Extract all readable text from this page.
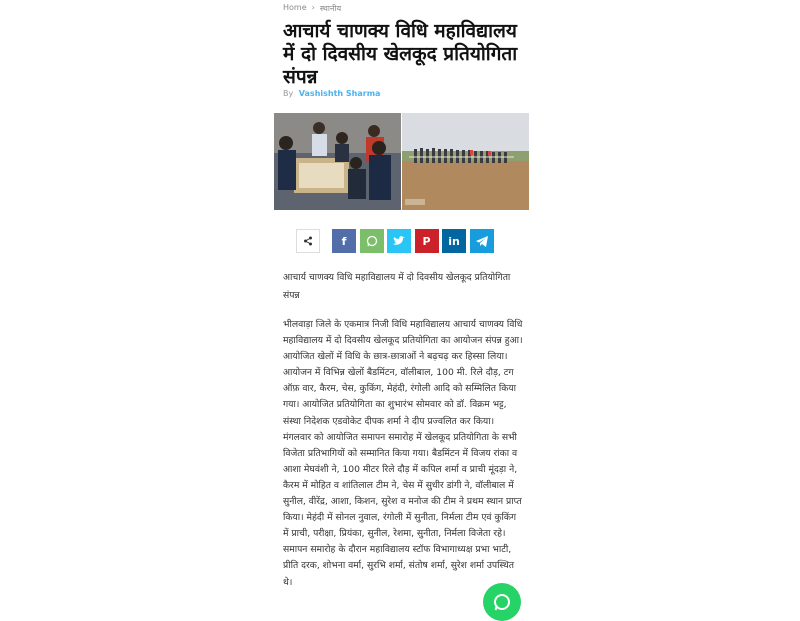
Home › स्थानीय
आचार्य चाणक्य विधि महाविद्यालय में दो दिवसीय खेलकूद प्रतियोगिता संपन्न
By Vashishth Sharma
f	P in

आचार्य चाणक्य विधि महाविद्यालय में दो दिवसीय खेलकूद प्रतियोगिता संपन्न

भीलवाड़ा जिले के एकमात्र निजी विधि महाविद्यालय आचार्य चाणक्य विधि महाविद्यालय में दो दिवसीय खेलकूद प्रतियोगिता का आयोजन संपन्न हुआ। आयोजित खेलों में विधि के छात्र-छात्राओं ने बढ़चढ़ कर हिस्सा लिया। आयोजन में विभिन्न खेलों बैडमिंटन, वॉलीबाल, 100 मी. रिले दौड़, टग ऑफ़ वार, कैरम, चेस, कुकिंग, मेहंदी, रंगोली आदि को सम्मिलित किया गया। आयोजित प्रतियोगिता का शुभारंभ सोमवार को डॉ. विक्रम भट्ट, संस्था निदेशक एडवोकेट दीपक शर्मा ने दीप प्रज्वलित कर किया। मंगलवार को आयोजित समापन समारोह में खेलकूद प्रतियोगिता के सभी विजेता प्रतिभागियों को सम्मानित किया गया। बैडमिंटन में विजय रांका व आशा मेघवंशी ने, 100 मीटर रिले दौड़ में कपिल शर्मा व प्राची मूंदड़ा ने, कैरम में मोहित व शांतिलाल टीम ने, चेस में सुधीर डांगी ने, वॉलीबाल में सुनील, वीरेंद्र, आशा, किशन, सुरेश व मनोज की टीम ने प्रथम स्थान प्राप्त किया। मेहंदी में सोनल नुवाल, रंगोली में सुनीता, निर्मला टीम एवं कुकिंग में प्राची, परीक्षा, प्रियंका, सुनील, रेशमा, सुनीता, निर्मला विजेता रहे। समापन समारोह के दौरान महाविद्यालय स्टॉफ विभागाध्यक्ष प्रभा भाटी, प्रीति दरक, शोभना वर्मा, सुरभि शर्मा, संतोष शर्मा, सुरेश शर्मा उपस्थित थे।
